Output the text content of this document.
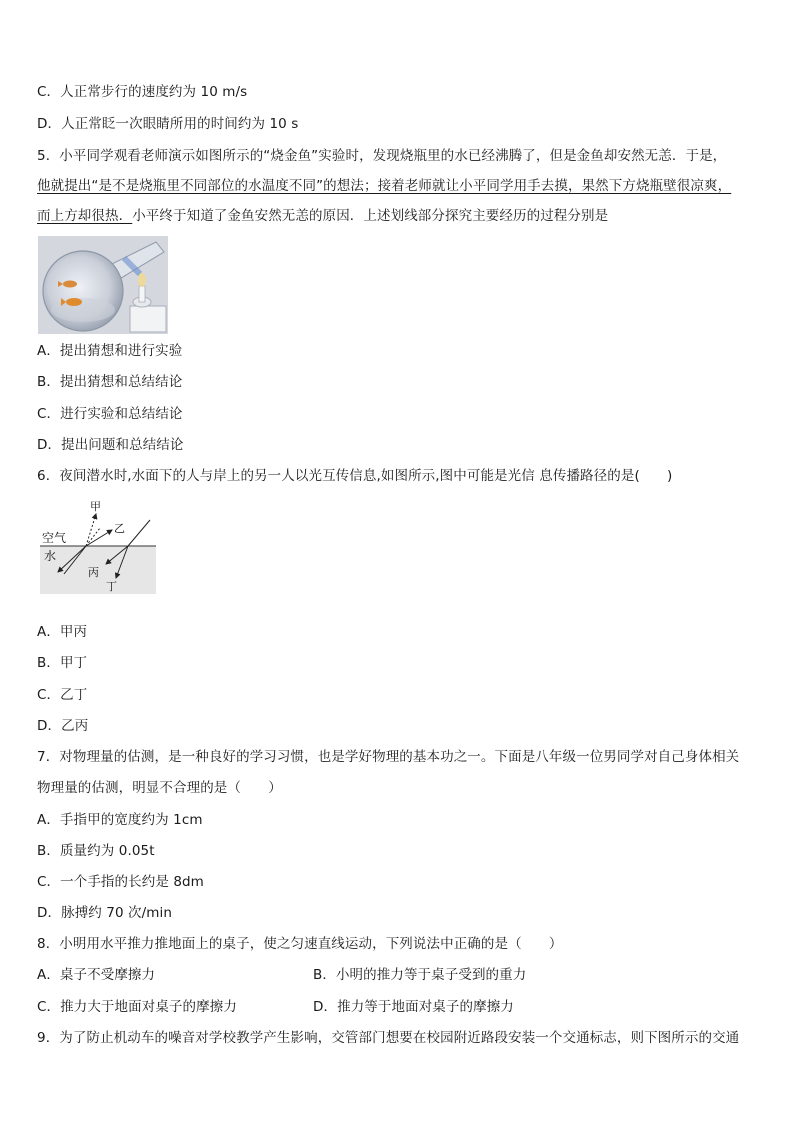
C．人正常步行的速度约为 10 m/s
D．人正常眨一次眼睛所用的时间约为 10 s
5．小平同学观看老师演示如图所示的“烧金鱼”实验时，发现烧瓶里的水已经沸腾了，但是金鱼却安然无恙．于是，
他就提出“是不是烧瓶里不同部位的水温度不同”的想法；接着老师就让小平同学用手去摸，果然下方烧瓶壁很凉爽，
而上方却很热．小平终于知道了金鱼安然无恙的原因．上述划线部分探究主要经历的过程分别是
A．提出猜想和进行实验
B．提出猜想和总结结论
C．进行实验和总结结论
D．提出问题和总结结论
6．夜间潜水时,水面下的人与岸上的另一人以光互传信息,如图所示,图中可能是光信 息传播路径的是(　　)
空气
水
甲
乙
丙
丁
A．甲丙
B．甲丁
C．乙丁
D．乙丙
7．对物理量的估测，是一种良好的学习习惯，也是学好物理的基本功之一。下面是八年级一位男同学对自己身体相关
物理量的估测，明显不合理的是（　　）
A．手指甲的宽度约为 1cm
B．质量约为 0.05t
C．一个手指的长约是 8dm
D．脉搏约 70 次/min
8．小明用水平推力推地面上的桌子，使之匀速直线运动，下列说法中正确的是（　　）
A．桌子不受摩擦力	B．小明的推力等于桌子受到的重力
C．推力大于地面对桌子的摩擦力	D．推力等于地面对桌子的摩擦力
9．为了防止机动车的噪音对学校教学产生影响，交管部门想要在校园附近路段安装一个交通标志，则下图所示的交通
